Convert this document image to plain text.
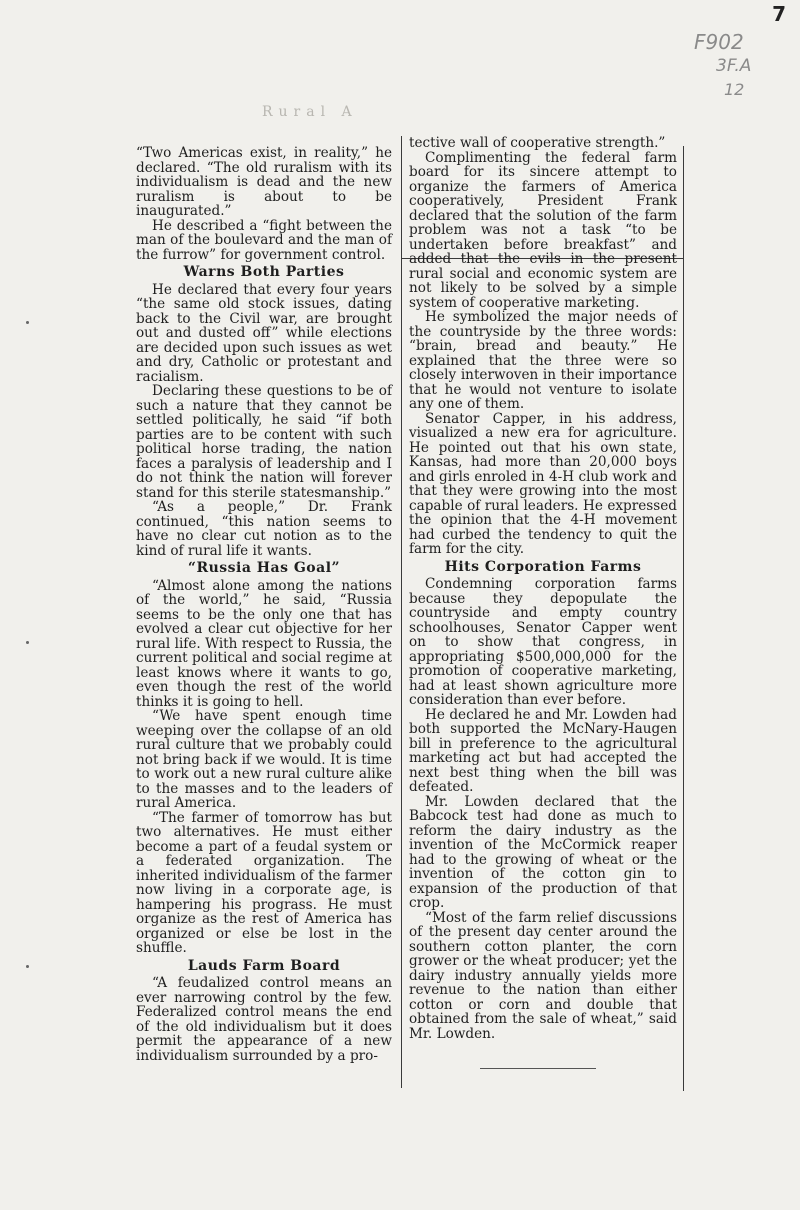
7
F902
3F.A
12
Rural A

“Two Americas exist, in reality,” he declared. “The old ruralism with its individualism is dead and the new ruralism is about to be inaugurated.”

He described a “fight between the man of the boulevard and the man of the furrow” for government control.

Warns Both Parties

He declared that every four years “the same old stock issues, dating back to the Civil war, are brought out and dusted off” while elections are decided upon such issues as wet and dry, Catholic or protestant and racialism.

Declaring these questions to be of such a nature that they cannot be settled politically, he said “if both parties are to be content with such political horse trading, the nation faces a paralysis of leadership and I do not think the nation will forever stand for this sterile statesmanship.”

“As a people,” Dr. Frank continued, “this nation seems to have no clear cut notion as to the kind of rural life it wants.

“Russia Has Goal”

“Almost alone among the nations of the world,” he said, “Russia seems to be the only one that has evolved a clear cut objective for her rural life. With respect to Russia, the current political and social regime at least knows where it wants to go, even though the rest of the world thinks it is going to hell.

“We have spent enough time weeping over the collapse of an old rural culture that we probably could not bring back if we would. It is time to work out a new rural culture alike to the masses and to the leaders of rural America.

“The farmer of tomorrow has but two alternatives. He must either become a part of a feudal system or a federated organization. The inherited individualism of the farmer now living in a corporate age, is hampering his prograss. He must organize as the rest of America has organized or else be lost in the shuffle.

Lauds Farm Board

“A feudalized control means an ever narrowing control by the few. Federalized control means the end of the old individualism but it does permit the appearance of a new individualism surrounded by a pro-

tective wall of cooperative strength.”

Complimenting the federal farm board for its sincere attempt to organize the farmers of America cooperatively, President Frank declared that the solution of the farm problem was not a task “to be undertaken before breakfast” and added that the evils in the present rural social and economic system are not likely to be solved by a simple system of cooperative marketing.

He symbolized the major needs of the countryside by the three words: “brain, bread and beauty.” He explained that the three were so closely interwoven in their importance that he would not venture to isolate any one of them.

Senator Capper, in his address, visualized a new era for agriculture. He pointed out that his own state, Kansas, had more than 20,000 boys and girls enroled in 4-H club work and that they were growing into the most capable of rural leaders. He expressed the opinion that the 4-H movement had curbed the tendency to quit the farm for the city.

Hits Corporation Farms

Condemning corporation farms because they depopulate the countryside and empty country schoolhouses, Senator Capper went on to show that congress, in appropriating $500,000,000 for the promotion of cooperative marketing, had at least shown agriculture more consideration than ever before.

He declared he and Mr. Lowden had both supported the McNary-Haugen bill in preference to the agricultural marketing act but had accepted the next best thing when the bill was defeated.

Mr. Lowden declared that the Babcock test had done as much to reform the dairy industry as the invention of the McCormick reaper had to the growing of wheat or the invention of the cotton gin to expansion of the production of that crop.

“Most of the farm relief discussions of the present day center around the southern cotton planter, the corn grower or the wheat producer; yet the dairy industry annually yields more revenue to the nation than either cotton or corn and double that obtained from the sale of wheat,” said Mr. Lowden.
